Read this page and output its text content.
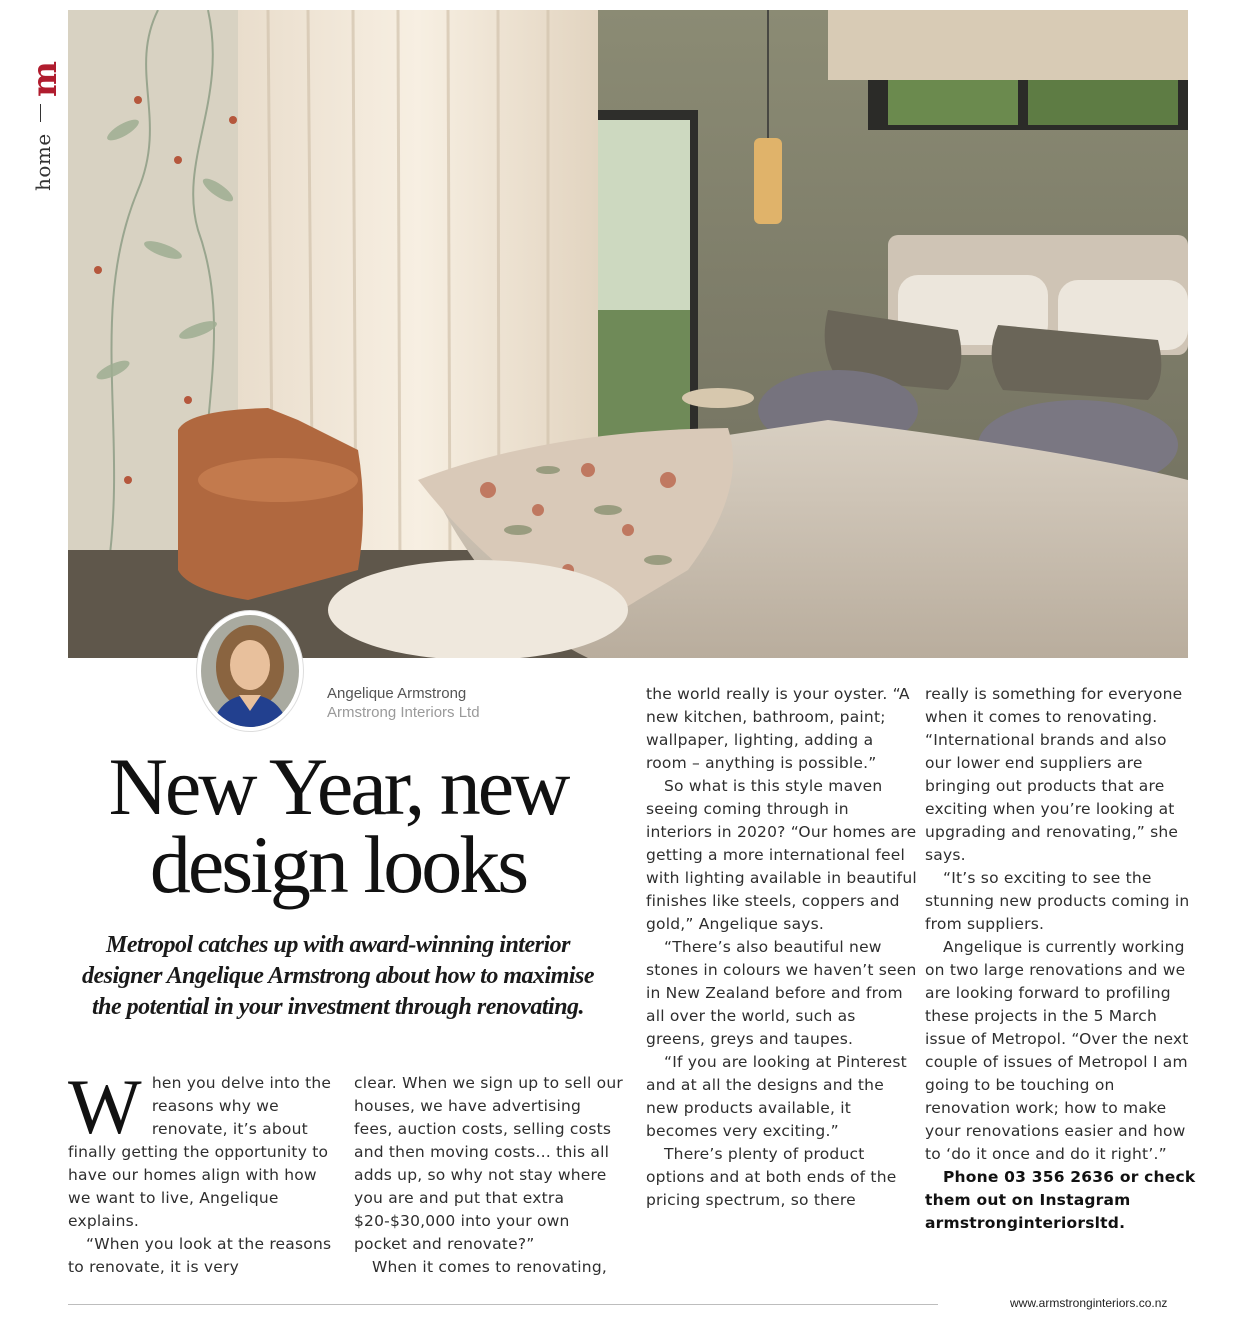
m
home
Angelique Armstrong
Armstrong Interiors Ltd
New Year, new
design looks
Metropol catches up with award-winning interior designer Angelique Armstrong about how to maximise the potential in your investment through renovating.

When you delve into the reasons why we renovate, it’s about finally getting the opportunity to have our homes align with how we want to live, Angelique explains.

“When you look at the reasons to renovate, it is very

clear. When we sign up to sell our houses, we have advertising fees, auction costs, selling costs and then moving costs… this all adds up, so why not stay where you are and put that extra $20-$30,000 into your own pocket and renovate?”

When it comes to renovating,

the world really is your oyster. “A new kitchen, bathroom, paint; wallpaper, lighting, adding a room – anything is possible.”

So what is this style maven seeing coming through in interiors in 2020? “Our homes are getting a more international feel with lighting available in beautiful finishes like steels, coppers and gold,” Angelique says.

“There’s also beautiful new stones in colours we haven’t seen in New Zealand before and from all over the world, such as greens, greys and taupes.

“If you are looking at Pinterest and at all the designs and the new products available, it becomes very exciting.”

There’s plenty of product options and at both ends of the pricing spectrum, so there

really is something for everyone when it comes to renovating. “International brands and also our lower end suppliers are bringing out products that are exciting when you’re looking at upgrading and renovating,” she says.

“It’s so exciting to see the stunning new products coming in from suppliers.

Angelique is currently working on two large renovations and we are looking forward to profiling these projects in the 5 March issue of Metropol. “Over the next couple of issues of Metropol I am going to be touching on renovation work; how to make your renovations easier and how to ‘do it once and do it right’.”

Phone 03 356 2636 or check them out on Instagram armstronginteriorsltd.

www.armstronginteriors.co.nz
